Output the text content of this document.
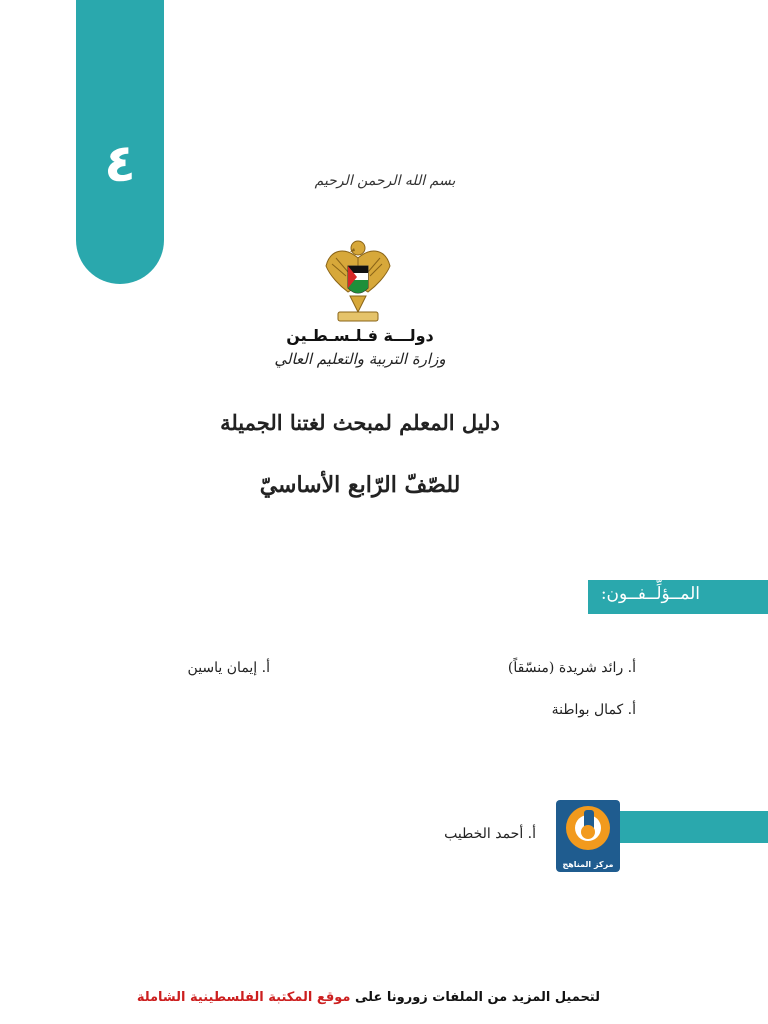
٤	بسم الله الرحمن الرحيم
دولـــة فـلـسـطـين
وزارة التربية والتعليم العالي
دليل المعلم لمبحث لغتنا الجميلة
للصّفّ الرّابع الأساسيّ
المــؤلِّــفــون:
أ. رائد شريدة (منسّقاً)
أ. إيمان ياسين
أ. كمال بواطنة
أ. أحمد الخطيب
مركز المناهج
لتحميل المزيد من الملفات زورونا على موقع المكتبة الفلسطينية الشاملة
